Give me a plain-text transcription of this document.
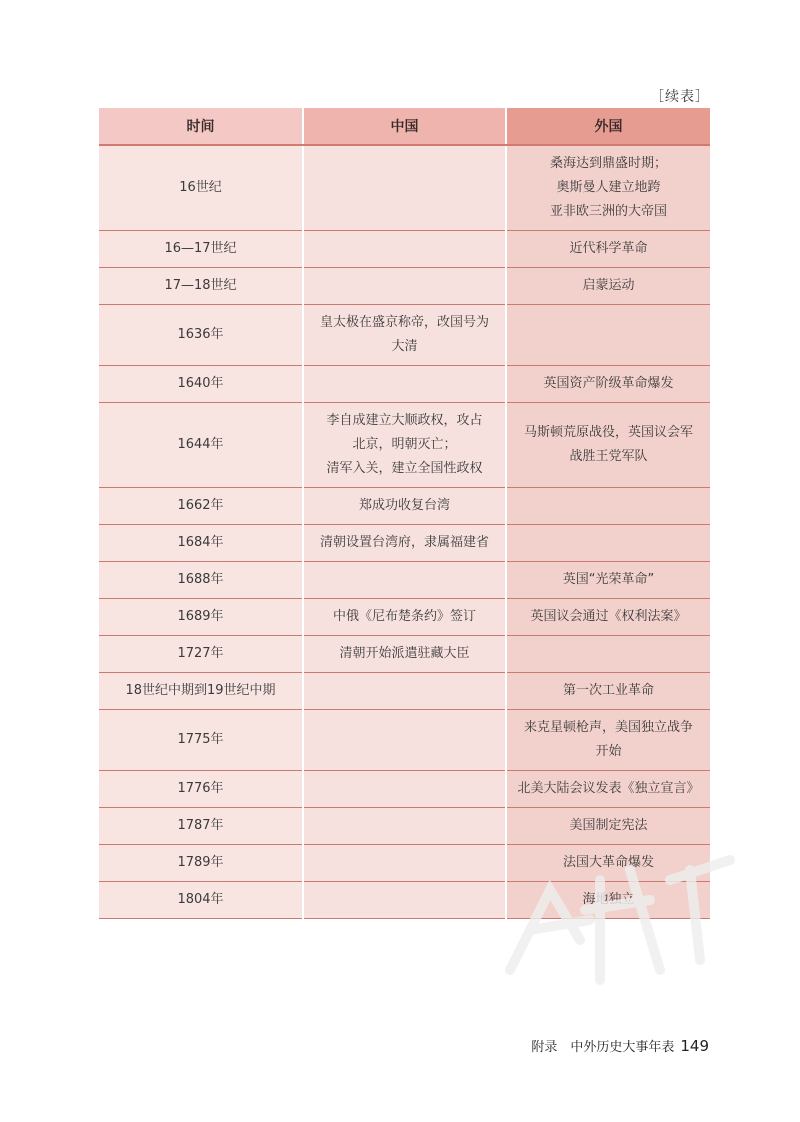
［续表］
时间	中国	外国
16世纪		桑海达到鼎盛时期；
奥斯曼人建立地跨
亚非欧三洲的大帝国
16—17世纪		近代科学革命
17—18世纪		启蒙运动
1636年	皇太极在盛京称帝，改国号为
大清	
1640年		英国资产阶级革命爆发
1644年	李自成建立大顺政权，攻占
北京，明朝灭亡；
清军入关，建立全国性政权	马斯顿荒原战役，英国议会军
战胜王党军队
1662年	郑成功收复台湾	
1684年	清朝设置台湾府，隶属福建省	
1688年		英国“光荣革命”
1689年	中俄《尼布楚条约》签订	英国议会通过《权利法案》
1727年	清朝开始派遣驻藏大臣	
18世纪中期到19世纪中期		第一次工业革命
1775年		来克星顿枪声，美国独立战争
开始
1776年		北美大陆会议发表《独立宣言》
1787年		美国制定宪法
1789年		法国大革命爆发
1804年		海地独立
附录　中外历史大事年表 149
